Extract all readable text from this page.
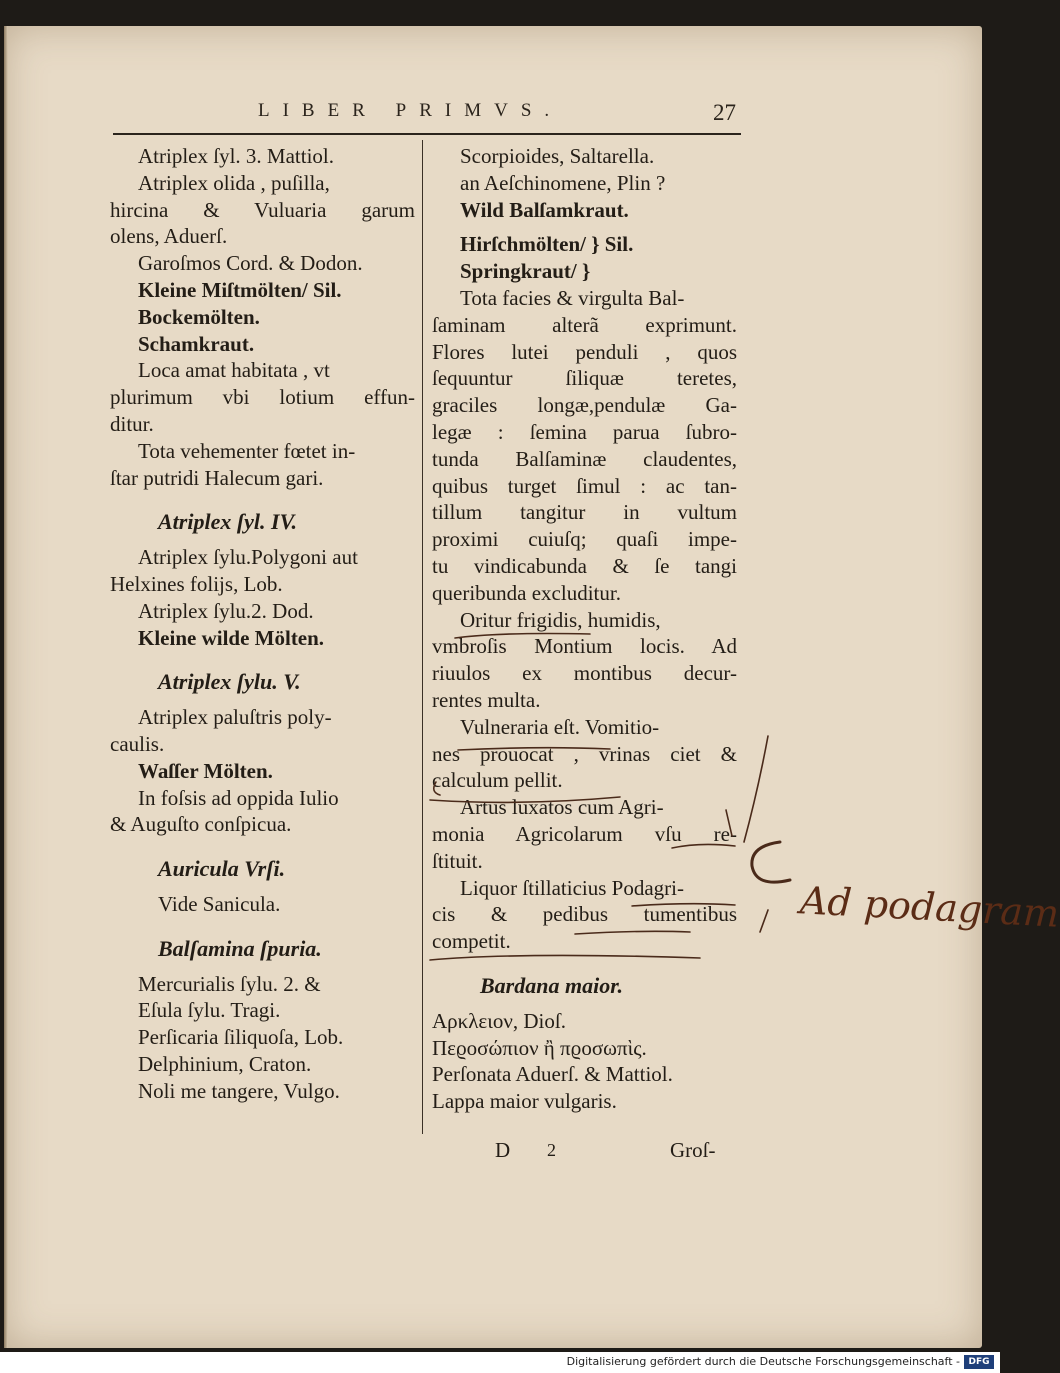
LIBER PRIMVS.	27
Atriplex ſyl. 3. Mattiol.
Atriplex olida , puſilla,
hircina & Vuluaria garum
olens, Aduerſ.
Garoſmos Cord. & Dodon.
Kleine Miſtmölten/ Sil.
Bockemölten.
Schamkraut.
Loca amat habitata , vt
plurimum vbi lotium effun-
ditur.
Tota vehementer fœtet in-
ſtar putridi Halecum gari.
Atriplex ſyl. IV.
Atriplex ſylu.Polygoni aut
Helxines folijs, Lob.
Atriplex ſylu.2. Dod.
Kleine wilde Mölten.
Atriplex ſylu. V.
Atriplex paluſtris poly-
caulis.
Waſſer Mölten.
In foſsis ad oppida Iulio
& Auguſto conſpicua.
Auricula Vrſi.
Vide Sanicula.
Balſamina ſpuria.
Mercurialis ſylu. 2. &
Eſula ſylu. Tragi.
Perſicaria ſiliquoſa, Lob.
Delphinium, Craton.
Noli me tangere, Vulgo.
Scorpioides, Saltarella.
an Aeſchinomene, Plin ?
Wild Balſamkraut.
Hirſchmölten/ } Sil.
Springkraut/ }
Tota facies & virgulta Bal-
ſaminam alterã exprimunt.
Flores lutei penduli , quos
ſequuntur ſiliquæ teretes,
graciles longæ,pendulæ Ga-
legæ : ſemina parua ſubro-
tunda Balſaminæ claudentes,
quibus turget ſimul : ac tan-
tillum tangitur in vultum
proximi cuiuſq; quaſi impe-
tu vindicabunda & ſe tangi
queribunda excluditur.
Oritur frigidis, humidis,
vmbroſis Montium locis. Ad
riuulos ex montibus decur-
rentes multa.
Vulneraria eſt. Vomitio-
nes prouocat , vrinas ciet &
calculum pellit.
Artus luxatos cum Agri-
monia Agricolarum vſu re-
ſtituit.
Liquor ſtillaticius Podagri-
cis & pedibus tumentibus
competit.
Bardana maior.
Αρκλειον, Dioſ.
Πεϱοσώπιον ἢ πϱοσωπὶς.
Perſonata Aduerſ. & Mattiol.
Lappa maior vulgaris.
D 2	Groſ-
Ad podagram
Digitalisierung gefördert durch die Deutsche Forschungsgemeinschaft - DFG
